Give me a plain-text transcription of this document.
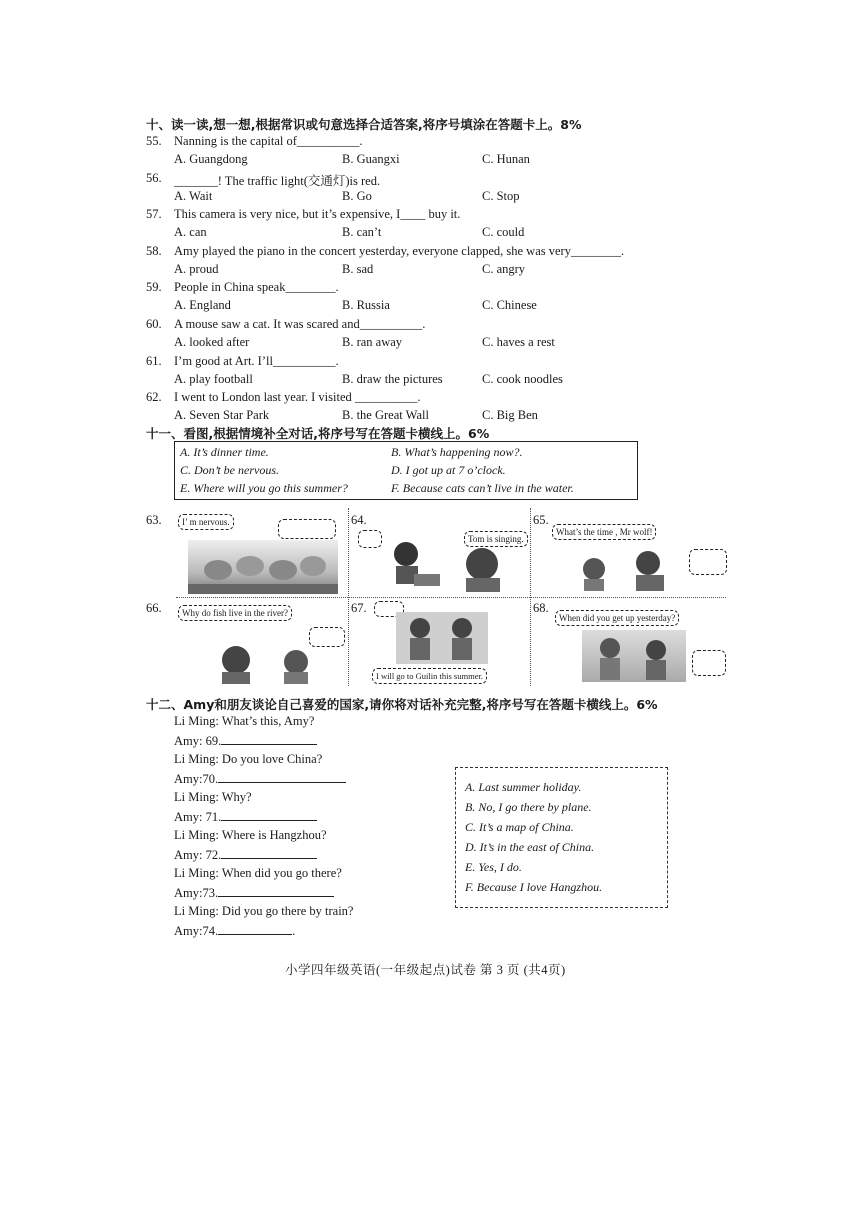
十、读一读,想一想,根据常识或句意选择合适答案,将序号填涂在答题卡上。8%
55. Nanning is the capital of__________.
A. Guangdong	B. Guangxi	C. Hunan
56. _______! The traffic light(交通灯)is red.
A. Wait	B. Go	C. Stop
57. This camera is very nice, but it’s expensive, I____ buy it.
A. can	B. can’t	C. could
58. Amy played the piano in the concert yesterday, everyone clapped, she was very________.
A. proud	B. sad	C. angry
59. People in China speak________.
A. England	B. Russia	C. Chinese
60. A mouse saw a cat. It was scared and__________.
A. looked after	B. ran away	C. haves a rest
61. I’m good at Art. I’ll__________.
A. play football	B. draw the pictures	C. cook noodles
62. I went to London last year. I visited __________.
A. Seven Star Park	B. the Great Wall	C. Big Ben
十一、看图,根据情境补全对话,将序号写在答题卡横线上。6%
A. It’s dinner time.	B. What’s happening now?.
C. Don’t be nervous.	D. I got up at 7 o’clock.
E. Where will you go this summer?	F. Because cats can’t live in the water.
63.	I’ m nervous.	64.
Tom is singing.
65.
What’s the time , Mr wolf!
66.	Why do fish live in the river?	67.
I will go to Guilin this summer.
68.
When did you get up yesterday?
十二、Amy和朋友谈论自己喜爱的国家,请你将对话补充完整,将序号写在答题卡横线上。6%
Li Ming: What’s this, Amy?
Amy: 69.
Li Ming: Do you love China?
Amy:70.
Li Ming: Why?
Amy: 71.
Li Ming: Where is Hangzhou?
Amy: 72.
Li Ming: When did you go there?
Amy:73.
Li Ming: Did you go there by train?
Amy:74.	.
A. Last summer holiday.
B. No, I go there by plane.
C. It’s a map of China.
D. It’s in the east of China.
E. Yes, I do.
F. Because I love Hangzhou.
小学四年级英语(一年级起点)试卷 第 3 页 (共4页)
